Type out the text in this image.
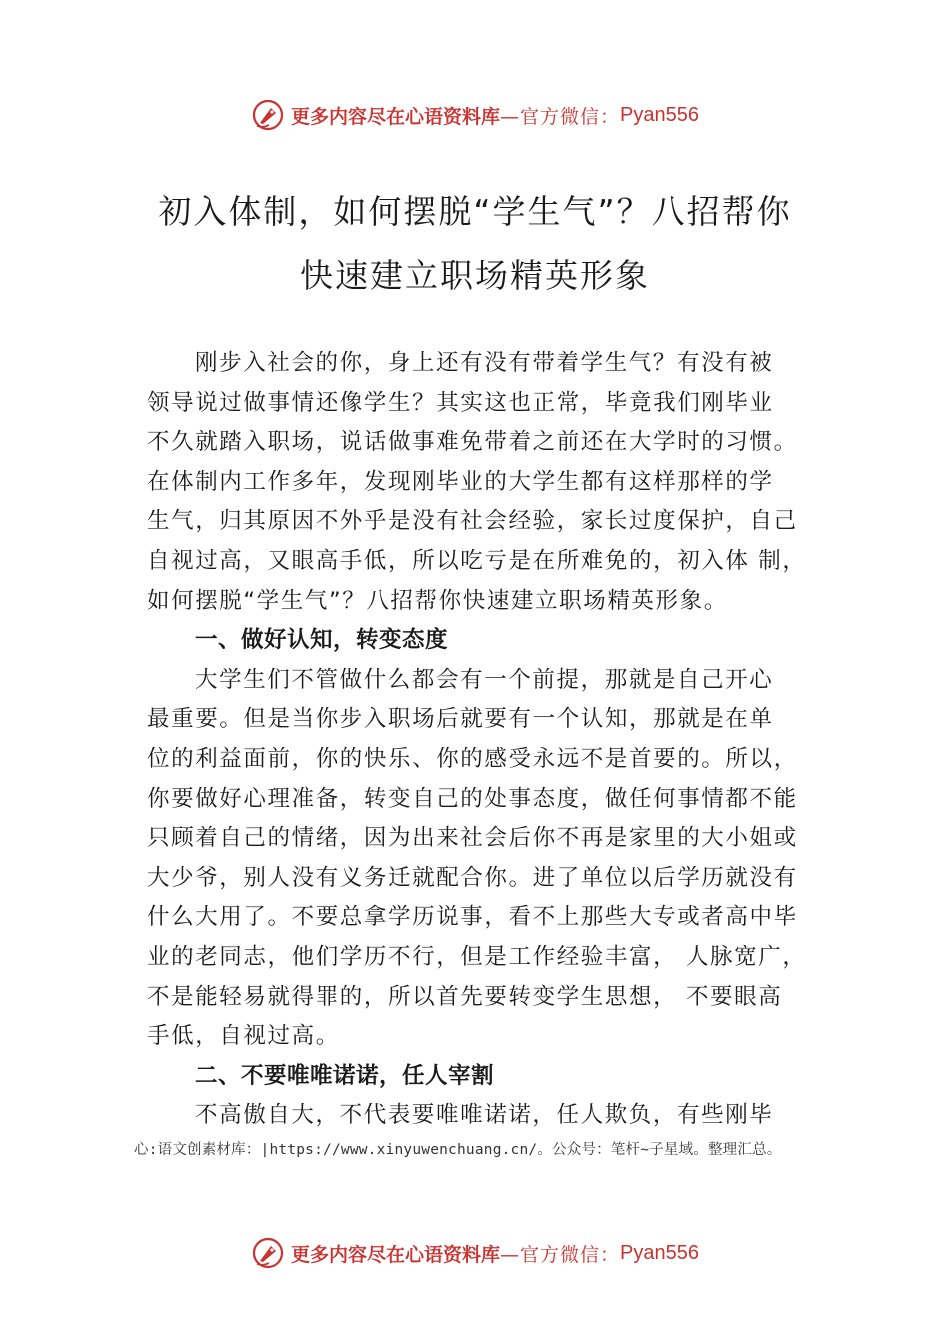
更多内容尽在心语资料库 —官方微信： Pyan556
初入体制，如何摆脱“学生气”？八招帮你
快速建立职场精英形象
刚步入社会的你，身上还有没有带着学生气？有没有被
领导说过做事情还像学生？其实这也正常，毕竟我们刚毕业
不久就踏入职场，说话做事难免带着之前还在大学时的习惯。
在体制内工作多年，发现刚毕业的大学生都有这样那样的学
生气，归其原因不外乎是没有社会经验，家长过度保护，自己
自视过高，又眼高手低，所以吃亏是在所难免的，初入体 制，
如何摆脱“学生气”？八招帮你快速建立职场精英形象。
一、做好认知，转变态度
大学生们不管做什么都会有一个前提，那就是自己开心
最重要。但是当你步入职场后就要有一个认知，那就是在单
位的利益面前，你的快乐、你的感受永远不是首要的。所以，
你要做好心理准备，转变自己的处事态度，做任何事情都不能
只顾着自己的情绪，因为出来社会后你不再是家里的大小姐或
大少爷，别人没有义务迁就配合你。进了单位以后学历就没有
什么大用了。不要总拿学历说事，看不上那些大专或者高中毕
业的老同志，他们学历不行，但是工作经验丰富， 人脉宽广，
不是能轻易就得罪的，所以首先要转变学生思想， 不要眼高
手低，自视过高。
二、不要唯唯诺诺，任人宰割
不高傲自大，不代表要唯唯诺诺，任人欺负，有些刚毕
心:语文创素材库：|https://www.xinyuwenchuang.cn/。公众号：笔杆~子星域。整理汇总。
更多内容尽在心语资料库 —官方微信： Pyan556
